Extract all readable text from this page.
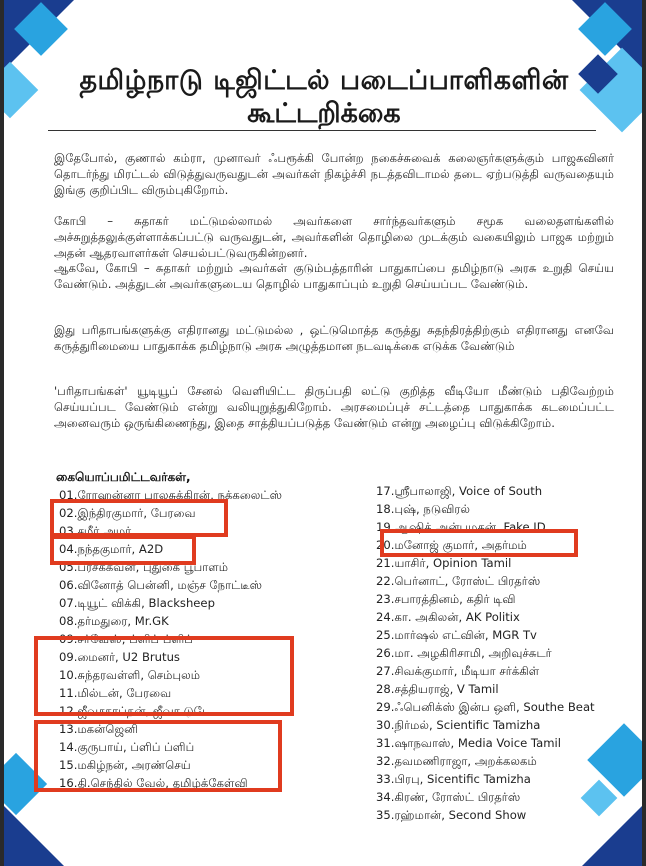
தமிழ்நாடு டிஜிட்டல் படைப்பாளிகளின்
கூட்டறிக்கை
இதேபோல், குணால் கம்ரா, முனாவர் ஃபரூக்கி போன்ற நகைச்சுவைக் கலைஞர்களுக்கும் பாஜகவினர் தொடர்ந்து மிரட்டல் விடுத்துவருவதுடன் அவர்கள் நிகழ்ச்சி நடத்தவிடாமல் தடை ஏற்படுத்தி வருவதையும் இங்கு குறிப்பிட விரும்புகிறோம்.
கோபி – சுதாகர் மட்டுமல்லாமல் அவர்களை சார்ந்தவர்களும் சமூக வலைதளங்களில் அச்சுறுத்தலுக்குள்ளாக்கப்பட்டு வருவதுடன், அவர்களின் தொழிலை முடக்கும் வகையிலும் பாஜக மற்றும் அதன் ஆதரவாளர்கள் செயல்பட்டுவருகின்றனர்.
ஆகவே, கோபி – சுதாகர் மற்றும் அவர்கள் குடும்பத்தாரின் பாதுகாப்பை தமிழ்நாடு அரசு உறுதி செய்ய வேண்டும். அத்துடன் அவர்களுடைய தொழில் பாதுகாப்பும் உறுதி செய்யப்பட வேண்டும்.
இது பரிதாபங்களுக்கு எதிரானது மட்டுமல்ல , ஒட்டுமொத்த கருத்து சுதந்திரத்திற்கும் எதிரானது எனவே கருத்துரிமையை பாதுகாக்க தமிழ்நாடு அரசு அழுத்தமான நடவடிக்கை எடுக்க வேண்டும்
'பரிதாபங்கள்' யூடியூப் சேனல் வெளியிட்ட திருப்பதி லட்டு குறித்த வீடியோ மீண்டும் பதிவேற்றம் செய்யப்பட வேண்டும் என்று வலியுறுத்துகிறோம். அரசமைப்புச் சட்டத்தை பாதுகாக்க கடமைப்பட்ட அனைவரும் ஒருங்கிணைந்து, இதை சாத்தியப்படுத்த வேண்டும் என்று அழைப்பு விடுக்கிறோம்.
கையொப்பமிட்டவர்கள்,
01.ரோஹன்னா பாலசுக்கிரன், நக்கலைட்ஸ்
02.இந்திரகுமார், பேரவை
03.சமீர் அமர்
04.நந்தகுமார், A2D
05.பரசக்கவன், புதுகை பூபாளம்
06.வினோத் பென்னி, மஞ்ச நோட்டீஸ்
07.டியூட் விக்கி, Blacksheep
08.தர்மதுரை, Mr.GK
09.சர்வேஸ், ப்ளிப் ப்ளிப்
09.மைனர், U2 Brutus
10.சுந்தரவள்ளி, செம்புலம்
11.மில்டன், பேரவை
12.ஜீவசகாப்தன், ஜீவா டுடே
13.மகன்ஜெனி
14.குருபாய், ப்ளிப் ப்ளிப்
15.மகிழ்நன், அரண்செய்
16.தி.செந்தில் வேல், தமிழ்க்கேள்வி
17.ஸ்ரீபாலாஜி, Voice of South
18.புஷ், நடுவிரல்
19.ஆஷிக் அன்புமகன், Fake ID
20.மனோஜ் குமார், அதர்மம்
21.யாசிர், Opinion Tamil
22.பெர்னாட், ரோஸ்ட் பிரதர்ஸ்
23.சபாரத்தினம், கதிர் டிவி
24.கா. அகிலன், AK Politix
25.மார்ஷல் எட்வின், MGR Tv
26.மா. அழகிரிசாமி, அறிவுச்சுடர்
27.சிவக்குமார், மீடியா சர்க்கிள்
28.சத்தியராஜ், V Tamil
29.ஃபெனிக்ஸ் இன்ப ஒளி, Southe Beat
30.நிர்மல், Scientific Tamizha
31.ஷாநவாஸ், Media Voice Tamil
32.தவமணிராஜா, அறக்கலகம்
33.பிரபு, Sicentific Tamizha
34.கிரண், ரோஸ்ட் பிரதர்ஸ்
35.ரஹ்மான், Second Show
